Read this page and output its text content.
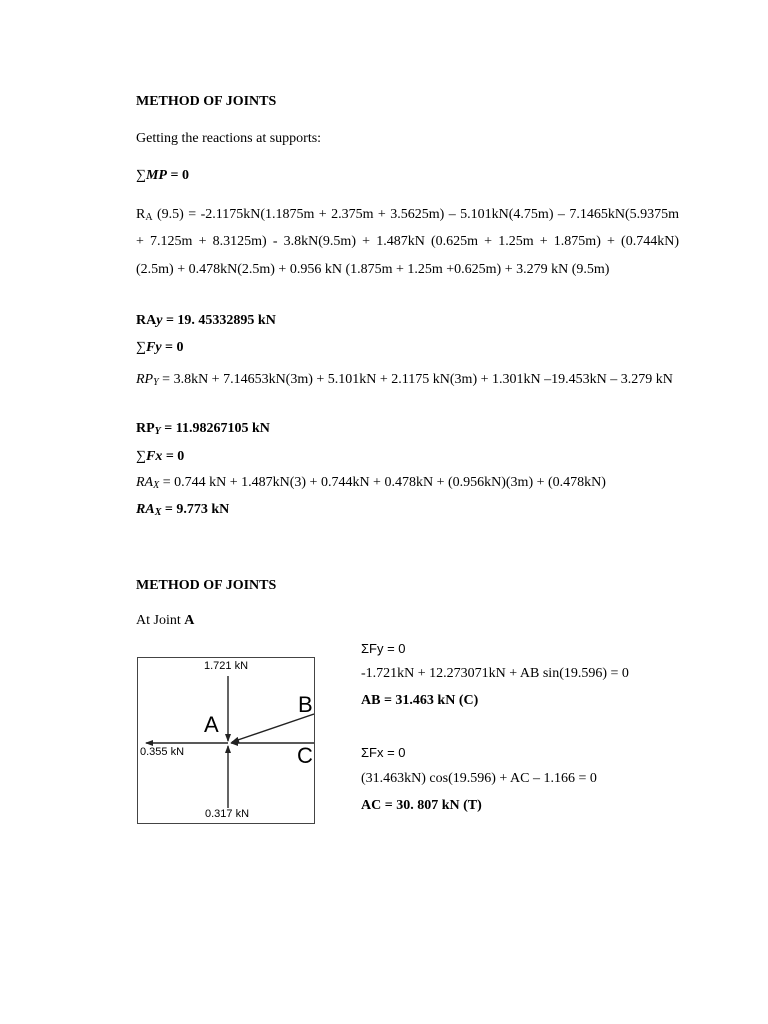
METHOD OF JOINTS
Getting the reactions at supports:
∑MP = 0
$R_A$ (9.5) = -2.1175kN(1.1875m + 2.375m + 3.5625m) – 5.101kN(4.75m) – 7.1465kN(5.9375m + 7.125m + 8.3125m) - 3.8kN(9.5m) + 1.487kN (0.625m + 1.25m + 1.875m) + (0.744kN)(2.5m) + 0.478kN(2.5m) + 0.956 kN (1.875m + 1.25m +0.625m) + 3.279 kN (9.5m)
RAy = 19. 45332895 kN
∑Fy = 0
$RP_Y = 3.8kN + 7.14653kN(3m) + 5.101kN + 2.1175$ kN(3m) + 1.301kN –19.453kN – 3.279 kN
$RP_Y = 11.98267105$ kN
∑Fx = 0
$RA_X = 0.744$ kN + 1.487kN(3) + 0.744kN + 0.478kN + (0.956kN)(3m) + (0.478kN)
$RA_X = 9.773$ kN
METHOD OF JOINTS
At Joint A
1.721 kN
0.355 kN
0.317 kN
A
B
C
ΣFy = 0
-1.721kN + 12.273071kN + AB sin(19.596) = 0
AB = 31.463 kN (C)
ΣFx = 0
(31.463kN) cos(19.596) + AC – 1.166 = 0
AC = 30. 807 kN (T)
